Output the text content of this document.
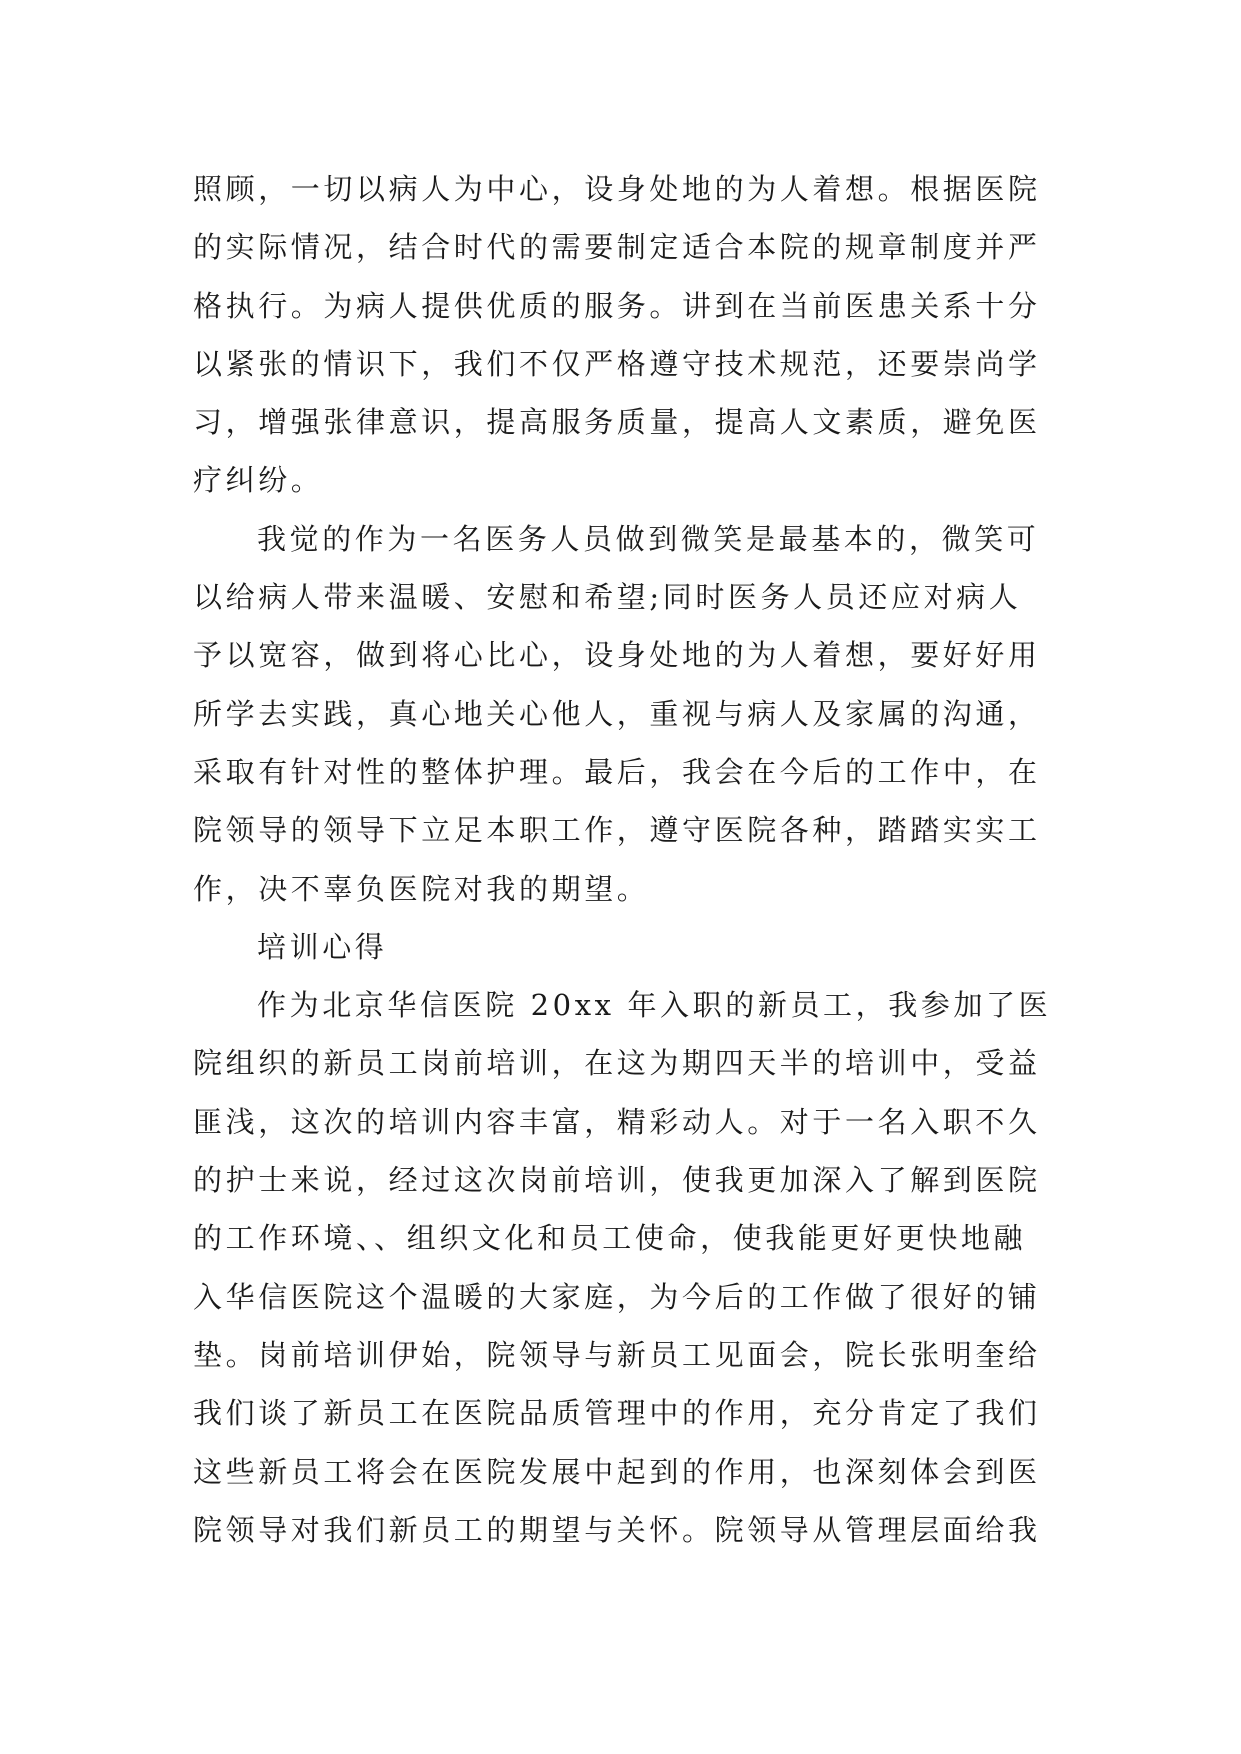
照顾，一切以病人为中心，设身处地的为人着想。根据医院
的实际情况，结合时代的需要制定适合本院的规章制度并严
格执行。为病人提供优质的服务。讲到在当前医患关系十分
以紧张的情识下，我们不仅严格遵守技术规范，还要崇尚学
习，增强张律意识，提高服务质量，提高人文素质，避免医
疗纠纷。
我觉的作为一名医务人员做到微笑是最基本的，微笑可
以给病人带来温暖、安慰和希望;同时医务人员还应对病人
予以宽容，做到将心比心，设身处地的为人着想，要好好用
所学去实践，真心地关心他人，重视与病人及家属的沟通，
采取有针对性的整体护理。最后，我会在今后的工作中，在
院领导的领导下立足本职工作，遵守医院各种，踏踏实实工
作，决不辜负医院对我的期望。
培训心得
作为北京华信医院 20xx 年入职的新员工，我参加了医
院组织的新员工岗前培训，在这为期四天半的培训中，受益
匪浅，这次的培训内容丰富，精彩动人。对于一名入职不久
的护士来说，经过这次岗前培训，使我更加深入了解到医院
的工作环境、、组织文化和员工使命，使我能更好更快地融
入华信医院这个温暖的大家庭，为今后的工作做了很好的铺
垫。岗前培训伊始，院领导与新员工见面会，院长张明奎给
我们谈了新员工在医院品质管理中的作用，充分肯定了我们
这些新员工将会在医院发展中起到的作用，也深刻体会到医
院领导对我们新员工的期望与关怀。院领导从管理层面给我
